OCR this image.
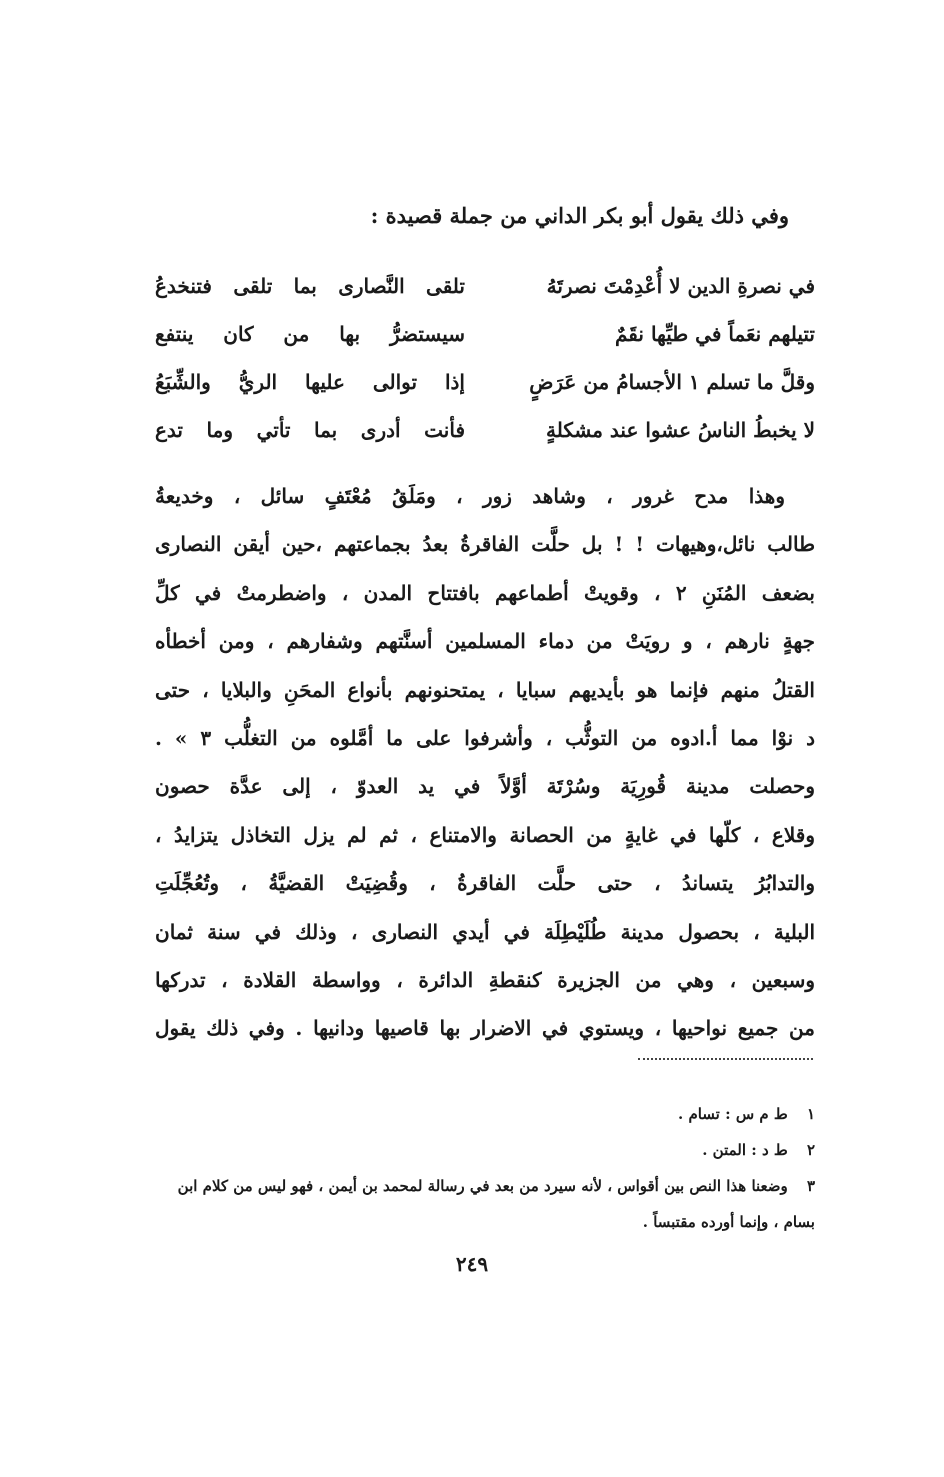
وفي ذلك يقول أبو بكر الداني من جملة قصيدة :
تلقى النَّصارى بما تلقى فتنخدعُ	في نصرةِ الدين لا أُعْدِمْتَ نصرتَهُ
سيستضرُّ بها من كان ينتفع	تتيلهم نعَماً في طيِّها نقَمٌ
إذا توالى عليها الريُّ والشِّبَعُ	وقلَّ ما تسلم ١ الأجسامُ من عَرَضٍ
فأنت أدرى بما تأتي وما تدع	لا يخبطُ الناسُ عشوا عند مشكلةٍ
وهذا مدح غرور ، وشاهد زور ، ومَلَقُ مُعْتَفٍ سائل ، وخديعةُ
طالب نائل،وهيهات ! ! بل حلَّت الفاقرةُ بعدُ بجماعتهم ،حين أيقن النصارى
بضعف المُنَنِ ٢ ، وقويتْ أطماعهم بافتتاح المدن ، واضطرمتْ في كلِّ
جهةٍ نارهم ، و رويَتْ من دماء المسلمين أسنَّتهم وشفارهم ، ومن أخطأه
القتلُ منهم فإنما هو بأيديهم سبايا ، يمتحنونهم بأنواع المحَنِ والبلايا ، حتى
د نوْا مما أ.ادوه من التوثُّب ، وأشرفوا على ما أمَّلوه من التغلُّب ٣ » .
وحصلت مدينة قُورِيَة وسُرْتَة أوَّلاً في يد العدوّ ، إلى عدَّة حصون
وقلاع ، كلّها في غايةٍ من الحصانة والامتناع ، ثم لم يزل التخاذل يتزايدُ ،
والتدابُرُ يتساندُ ، حتى حلَّت الفاقرةُ ، وقُضِيَتْ القضيَّةُ ، وتُعُجِّلَتِ
البلية ، بحصول مدينة طُلَيْطِلَة في أيدي النصارى ، وذلك في سنة ثمان
وسبعين ، وهي من الجزيرة كنقطةِ الدائرة ، وواسطة القلادة ، تدركها
من جميع نواحيها ، ويستوي في الاضرار بها قاصيها ودانيها . وفي ذلك يقول
١ ط م س : تسام .
٢ ط د : المتن .
٣ وضعنا هذا النص بين أقواس ، لأنه سيرد من بعد في رسالة لمحمد بن أيمن ، فهو ليس من كلام ابن بسام ، وإنما أورده مقتبساً .
٢٤٩
